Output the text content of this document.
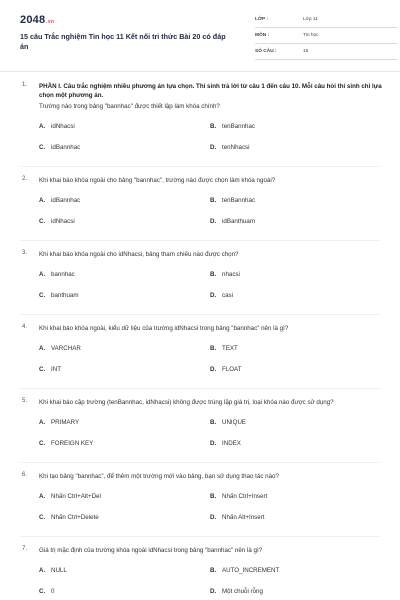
2048.vn
15 câu Trắc nghiệm Tin học 11 Kết nối tri thức Bài 20 có đáp án
LỚP :	Lớp 11
MÔN :	Tin học
SỐ CÂU :	15
1. PHẦN I. Câu trắc nghiệm nhiều phương án lựa chọn. Thí sinh trả lời từ câu 1 đến câu 10. Mỗi câu hỏi thí sinh chỉ lựa chọn một phương án.
Trường nào trong bảng "bannhac" được thiết lập làm khóa chính?
A. idNhacsi	B. tenBannhac
C. idBannhac	D. tenNhacsi
2. Khi khai báo khóa ngoài cho bảng "bannhac", trường nào được chọn làm khóa ngoài?
A. idBannhac	B. tenBannhac
C. idNhacsi	D. idBanthuam
3. Khi khai báo khóa ngoài cho idNhacsi, bảng tham chiếu nào được chọn?
A. bannhac	B. nhacsi
C. banthuam	D. casi
4. Khi khai báo khóa ngoài, kiểu dữ liệu của trường idNhacsi trong bảng "bannhac" nên là gì?
A. VARCHAR	B. TEXT
C. INT	D. FLOAT
5. Khi khai báo cặp trường (tenBannhac, idNhacsi) không được trùng lặp giá trị, loại khóa nào được sử dụng?
A. PRIMARY	B. UNIQUE
C. FOREIGN KEY	D. INDEX
6. Khi tạo bảng "bannhac", để thêm một trường mới vào bảng, bạn sử dụng thao tác nào?
A. Nhấn Ctrl+Alt+Del	B. Nhấn Ctrl+Insert
C. Nhấn Ctrl+Delete	D. Nhấn Alt+Insert
7. Giá trị mặc định của trường khóa ngoài idNhacsi trong bảng "bannhac" nên là gì?
A. NULL	B. AUTO_INCREMENT
C. 0	D. Một chuỗi rỗng
